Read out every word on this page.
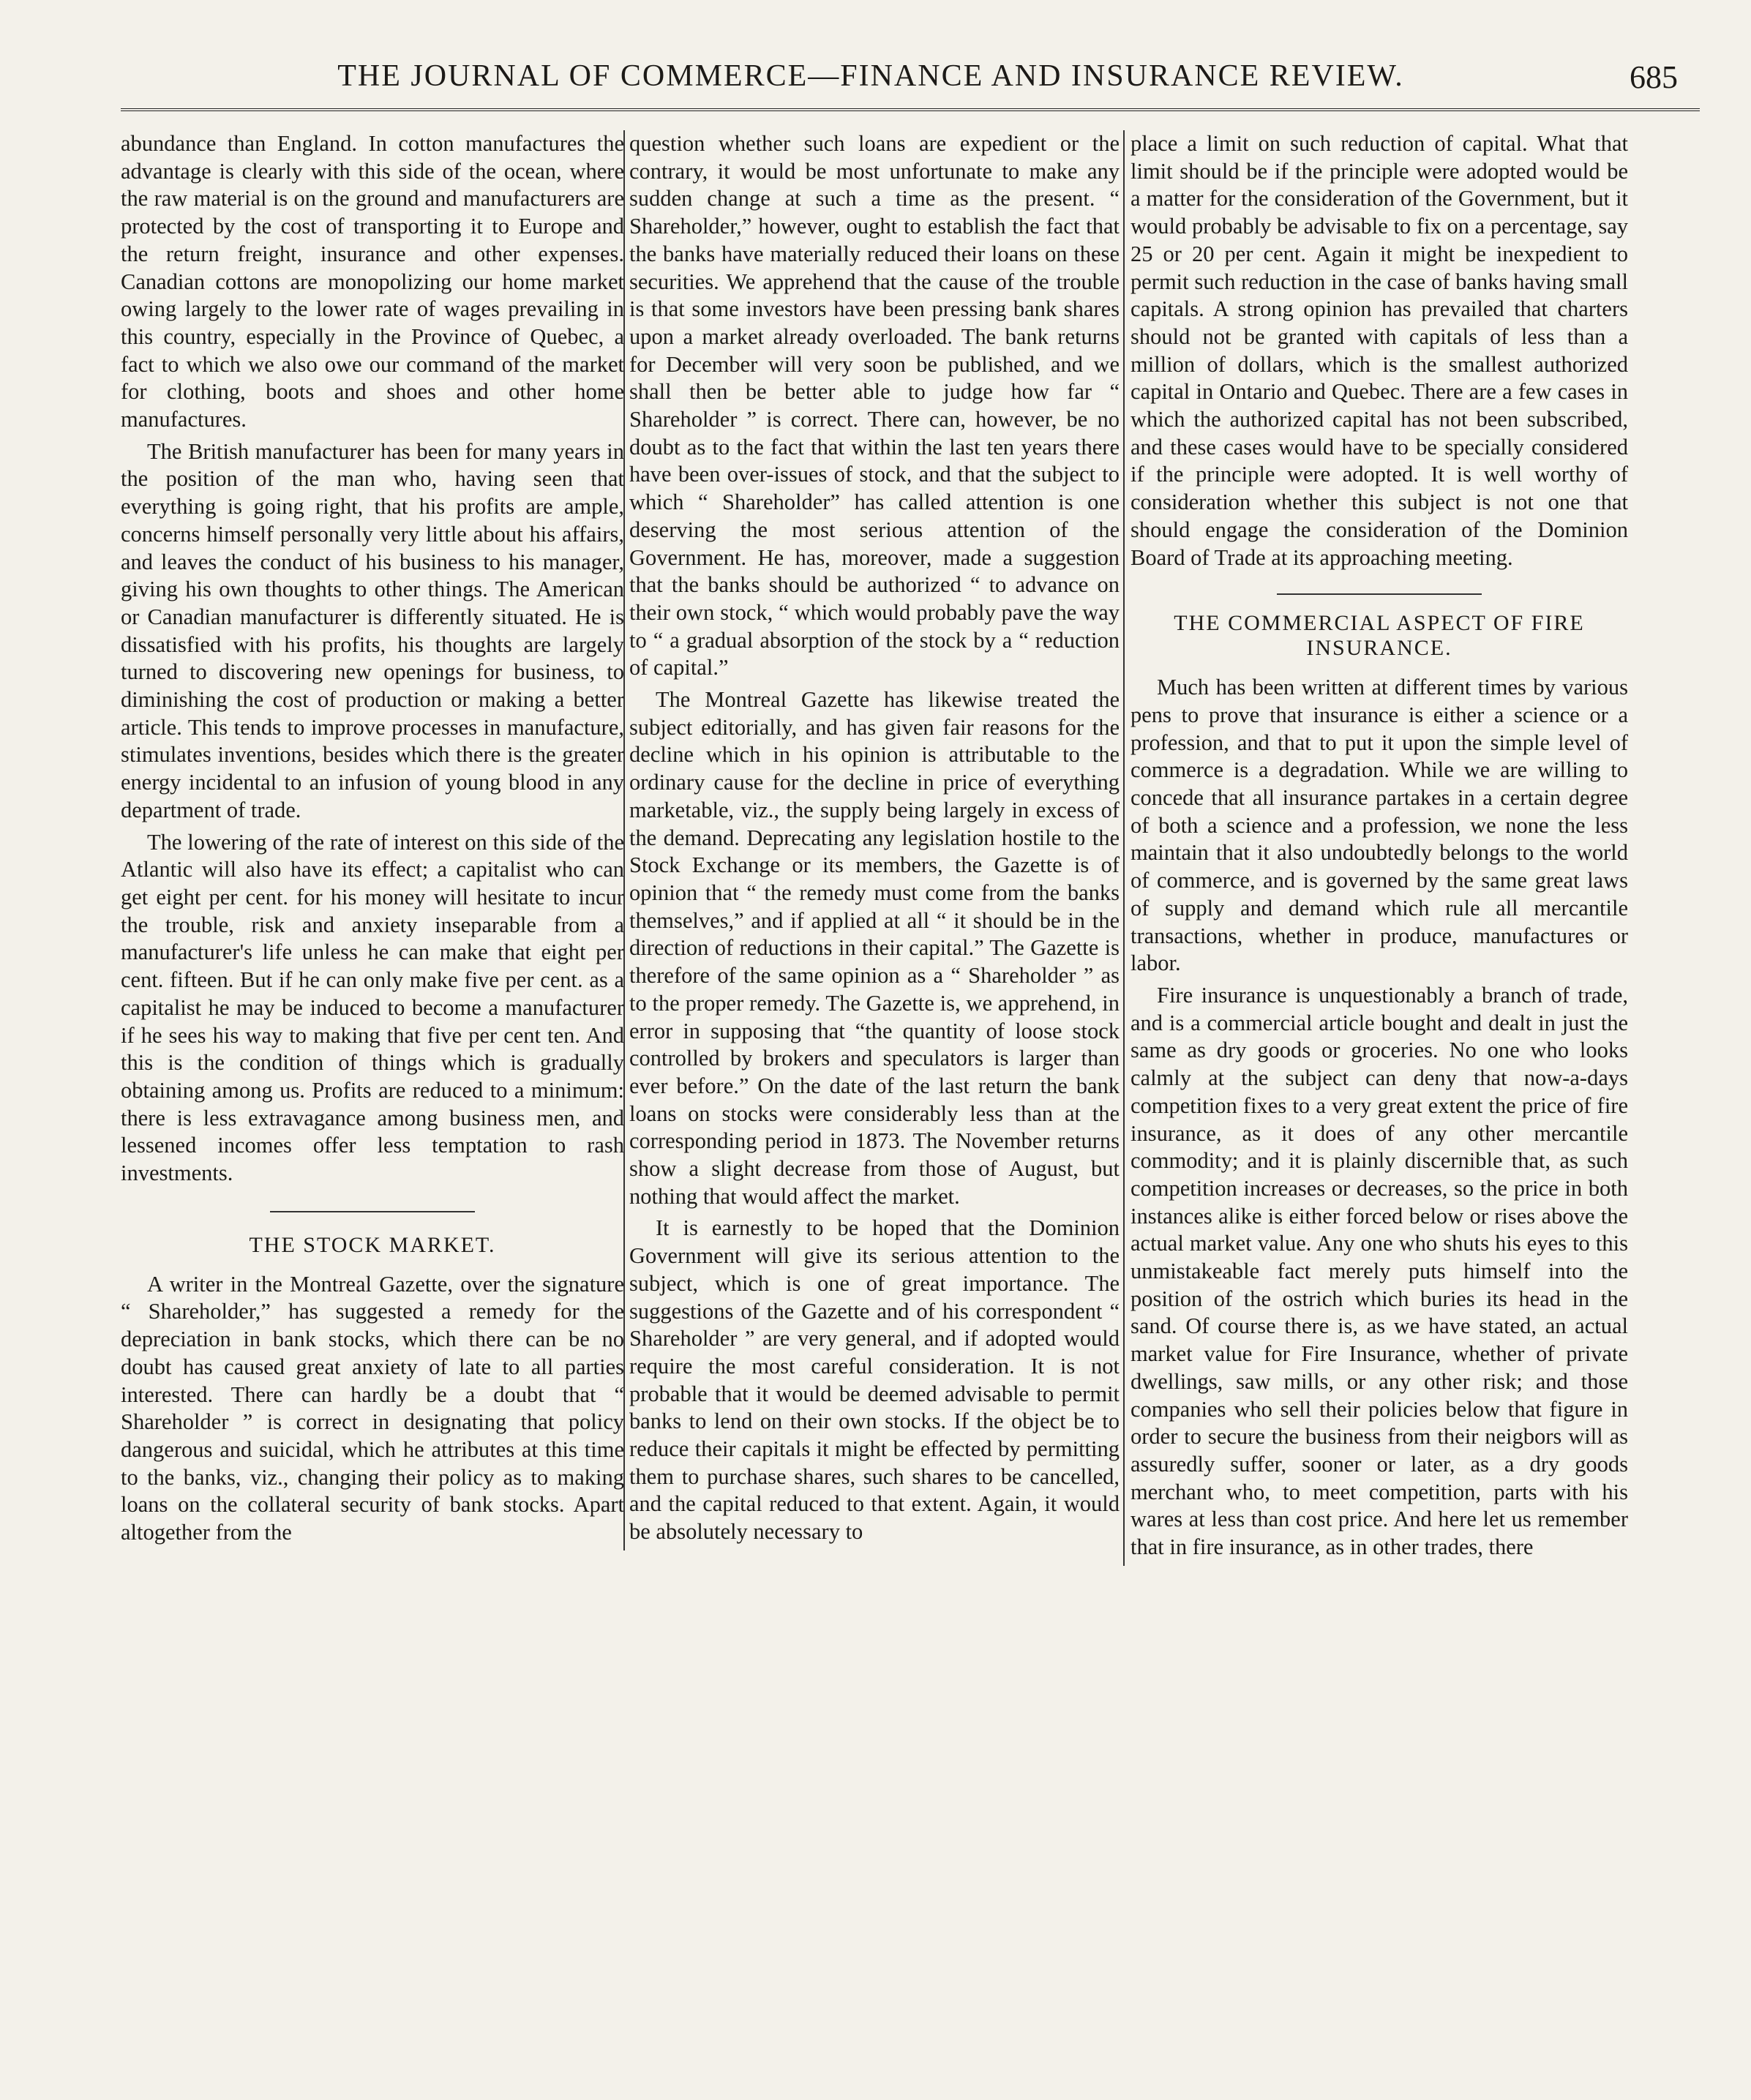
THE JOURNAL OF COMMERCE—FINANCE AND INSURANCE REVIEW.	685

abundance than England. In cotton manufactures the advantage is clearly with this side of the ocean, where the raw material is on the ground and manufacturers are protected by the cost of transporting it to Europe and the return freight, insurance and other expenses. Canadian cottons are monopolizing our home market owing largely to the lower rate of wages prevailing in this country, especially in the Province of Quebec, a fact to which we also owe our command of the market for clothing, boots and shoes and other home manufactures.

The British manufacturer has been for many years in the position of the man who, having seen that everything is going right, that his profits are ample, concerns himself personally very little about his affairs, and leaves the conduct of his business to his manager, giving his own thoughts to other things. The American or Canadian manufacturer is differently situated. He is dissatisfied with his profits, his thoughts are largely turned to discovering new openings for business, to diminishing the cost of production or making a better article. This tends to improve processes in manufacture, stimulates inventions, besides which there is the greater energy incidental to an infusion of young blood in any department of trade.

The lowering of the rate of interest on this side of the Atlantic will also have its effect; a capitalist who can get eight per cent. for his money will hesitate to incur the trouble, risk and anxiety inseparable from a manufacturer's life unless he can make that eight per cent. fifteen. But if he can only make five per cent. as a capitalist he may be induced to become a manufacturer if he sees his way to making that five per cent ten. And this is the condition of things which is gradually obtaining among us. Profits are reduced to a minimum: there is less extravagance among business men, and lessened incomes offer less temptation to rash investments.

THE STOCK MARKET.

A writer in the Montreal Gazette, over the signature “ Shareholder,” has suggested a remedy for the depreciation in bank stocks, which there can be no doubt has caused great anxiety of late to all parties interested. There can hardly be a doubt that “ Shareholder ” is correct in designating that policy dangerous and suicidal, which he attributes at this time to the banks, viz., changing their policy as to making loans on the collateral security of bank stocks. Apart altogether from the

question whether such loans are expedient or the contrary, it would be most unfortunate to make any sudden change at such a time as the present. “ Shareholder,” however, ought to establish the fact that the banks have materially reduced their loans on these securities. We apprehend that the cause of the trouble is that some investors have been pressing bank shares upon a market already overloaded. The bank returns for December will very soon be published, and we shall then be better able to judge how far “ Shareholder ” is correct. There can, however, be no doubt as to the fact that within the last ten years there have been over-issues of stock, and that the subject to which “ Shareholder” has called attention is one deserving the most serious attention of the Government. He has, moreover, made a suggestion that the banks should be authorized “ to advance on their own stock, “ which would probably pave the way to “ a gradual absorption of the stock by a “ reduction of capital.”

The Montreal Gazette has likewise treated the subject editorially, and has given fair reasons for the decline which in his opinion is attributable to the ordinary cause for the decline in price of everything marketable, viz., the supply being largely in excess of the demand. Deprecating any legislation hostile to the Stock Exchange or its members, the Gazette is of opinion that “ the remedy must come from the banks themselves,” and if applied at all “ it should be in the direction of reductions in their capital.” The Gazette is therefore of the same opinion as a “ Shareholder ” as to the proper remedy. The Gazette is, we apprehend, in error in supposing that “the quantity of loose stock controlled by brokers and speculators is larger than ever before.” On the date of the last return the bank loans on stocks were considerably less than at the corresponding period in 1873. The November returns show a slight decrease from those of August, but nothing that would affect the market.

It is earnestly to be hoped that the Dominion Government will give its serious attention to the subject, which is one of great importance. The suggestions of the Gazette and of his correspondent “ Shareholder ” are very general, and if adopted would require the most careful consideration. It is not probable that it would be deemed advisable to permit banks to lend on their own stocks. If the object be to reduce their capitals it might be effected by permitting them to purchase shares, such shares to be cancelled, and the capital reduced to that extent. Again, it would be absolutely necessary to

place a limit on such reduction of capital. What that limit should be if the principle were adopted would be a matter for the consideration of the Government, but it would probably be advisable to fix on a percentage, say 25 or 20 per cent. Again it might be inexpedient to permit such reduction in the case of banks having small capitals. A strong opinion has prevailed that charters should not be granted with capitals of less than a million of dollars, which is the smallest authorized capital in Ontario and Quebec. There are a few cases in which the authorized capital has not been subscribed, and these cases would have to be specially considered if the principle were adopted. It is well worthy of consideration whether this subject is not one that should engage the consideration of the Dominion Board of Trade at its approaching meeting.

THE COMMERCIAL ASPECT OF FIRE INSURANCE.

Much has been written at different times by various pens to prove that insurance is either a science or a profession, and that to put it upon the simple level of commerce is a degradation. While we are willing to concede that all insurance partakes in a certain degree of both a science and a profession, we none the less maintain that it also undoubtedly belongs to the world of commerce, and is governed by the same great laws of supply and demand which rule all mercantile transactions, whether in produce, manufactures or labor.

Fire insurance is unquestionably a branch of trade, and is a commercial article bought and dealt in just the same as dry goods or groceries. No one who looks calmly at the subject can deny that now-a-days competition fixes to a very great extent the price of fire insurance, as it does of any other mercantile commodity; and it is plainly discernible that, as such competition increases or decreases, so the price in both instances alike is either forced below or rises above the actual market value. Any one who shuts his eyes to this unmistakeable fact merely puts himself into the position of the ostrich which buries its head in the sand. Of course there is, as we have stated, an actual market value for Fire Insurance, whether of private dwellings, saw mills, or any other risk; and those companies who sell their policies below that figure in order to secure the business from their neigbors will as assuredly suffer, sooner or later, as a dry goods merchant who, to meet competition, parts with his wares at less than cost price. And here let us remember that in fire insurance, as in other trades, there
